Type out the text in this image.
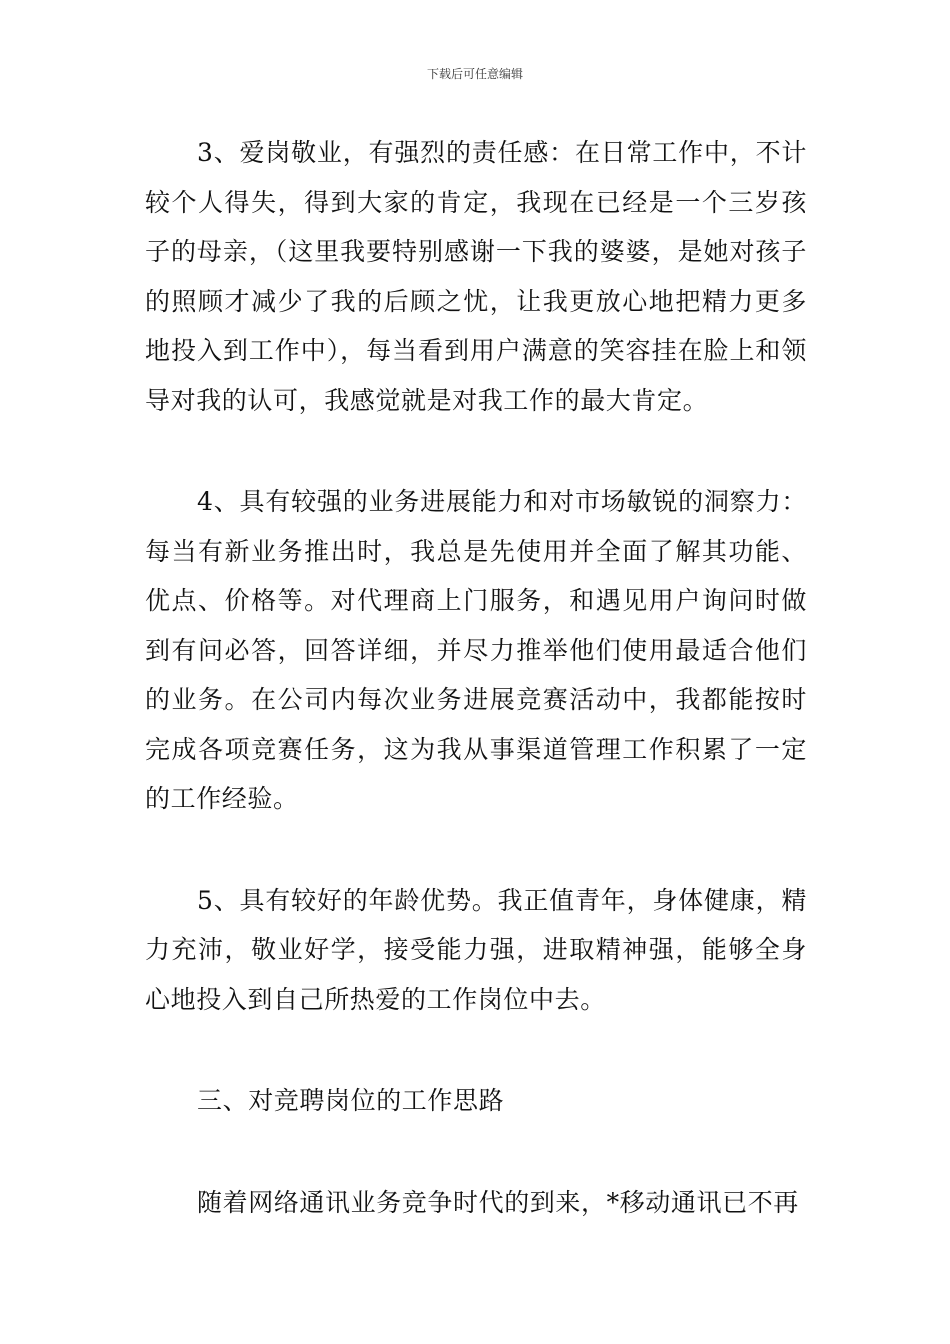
下载后可任意编辑

3、爱岗敬业，有强烈的责任感：在日常工作中，不计较个人得失，得到大家的肯定，我现在已经是一个三岁孩子的母亲，（这里我要特别感谢一下我的婆婆，是她对孩子的照顾才减少了我的后顾之忧，让我更放心地把精力更多地投入到工作中），每当看到用户满意的笑容挂在脸上和领导对我的认可，我感觉就是对我工作的最大肯定。

4、具有较强的业务进展能力和对市场敏锐的洞察力：每当有新业务推出时，我总是先使用并全面了解其功能、优点、价格等。对代理商上门服务，和遇见用户询问时做到有问必答，回答详细，并尽力推举他们使用最适合他们的业务。在公司内每次业务进展竞赛活动中，我都能按时完成各项竞赛任务，这为我从事渠道管理工作积累了一定的工作经验。

5、具有较好的年龄优势。我正值青年，身体健康，精力充沛，敬业好学，接受能力强，进取精神强，能够全身心地投入到自己所热爱的工作岗位中去。

三、对竞聘岗位的工作思路

随着网络通讯业务竞争时代的到来，*移动通讯已不再
